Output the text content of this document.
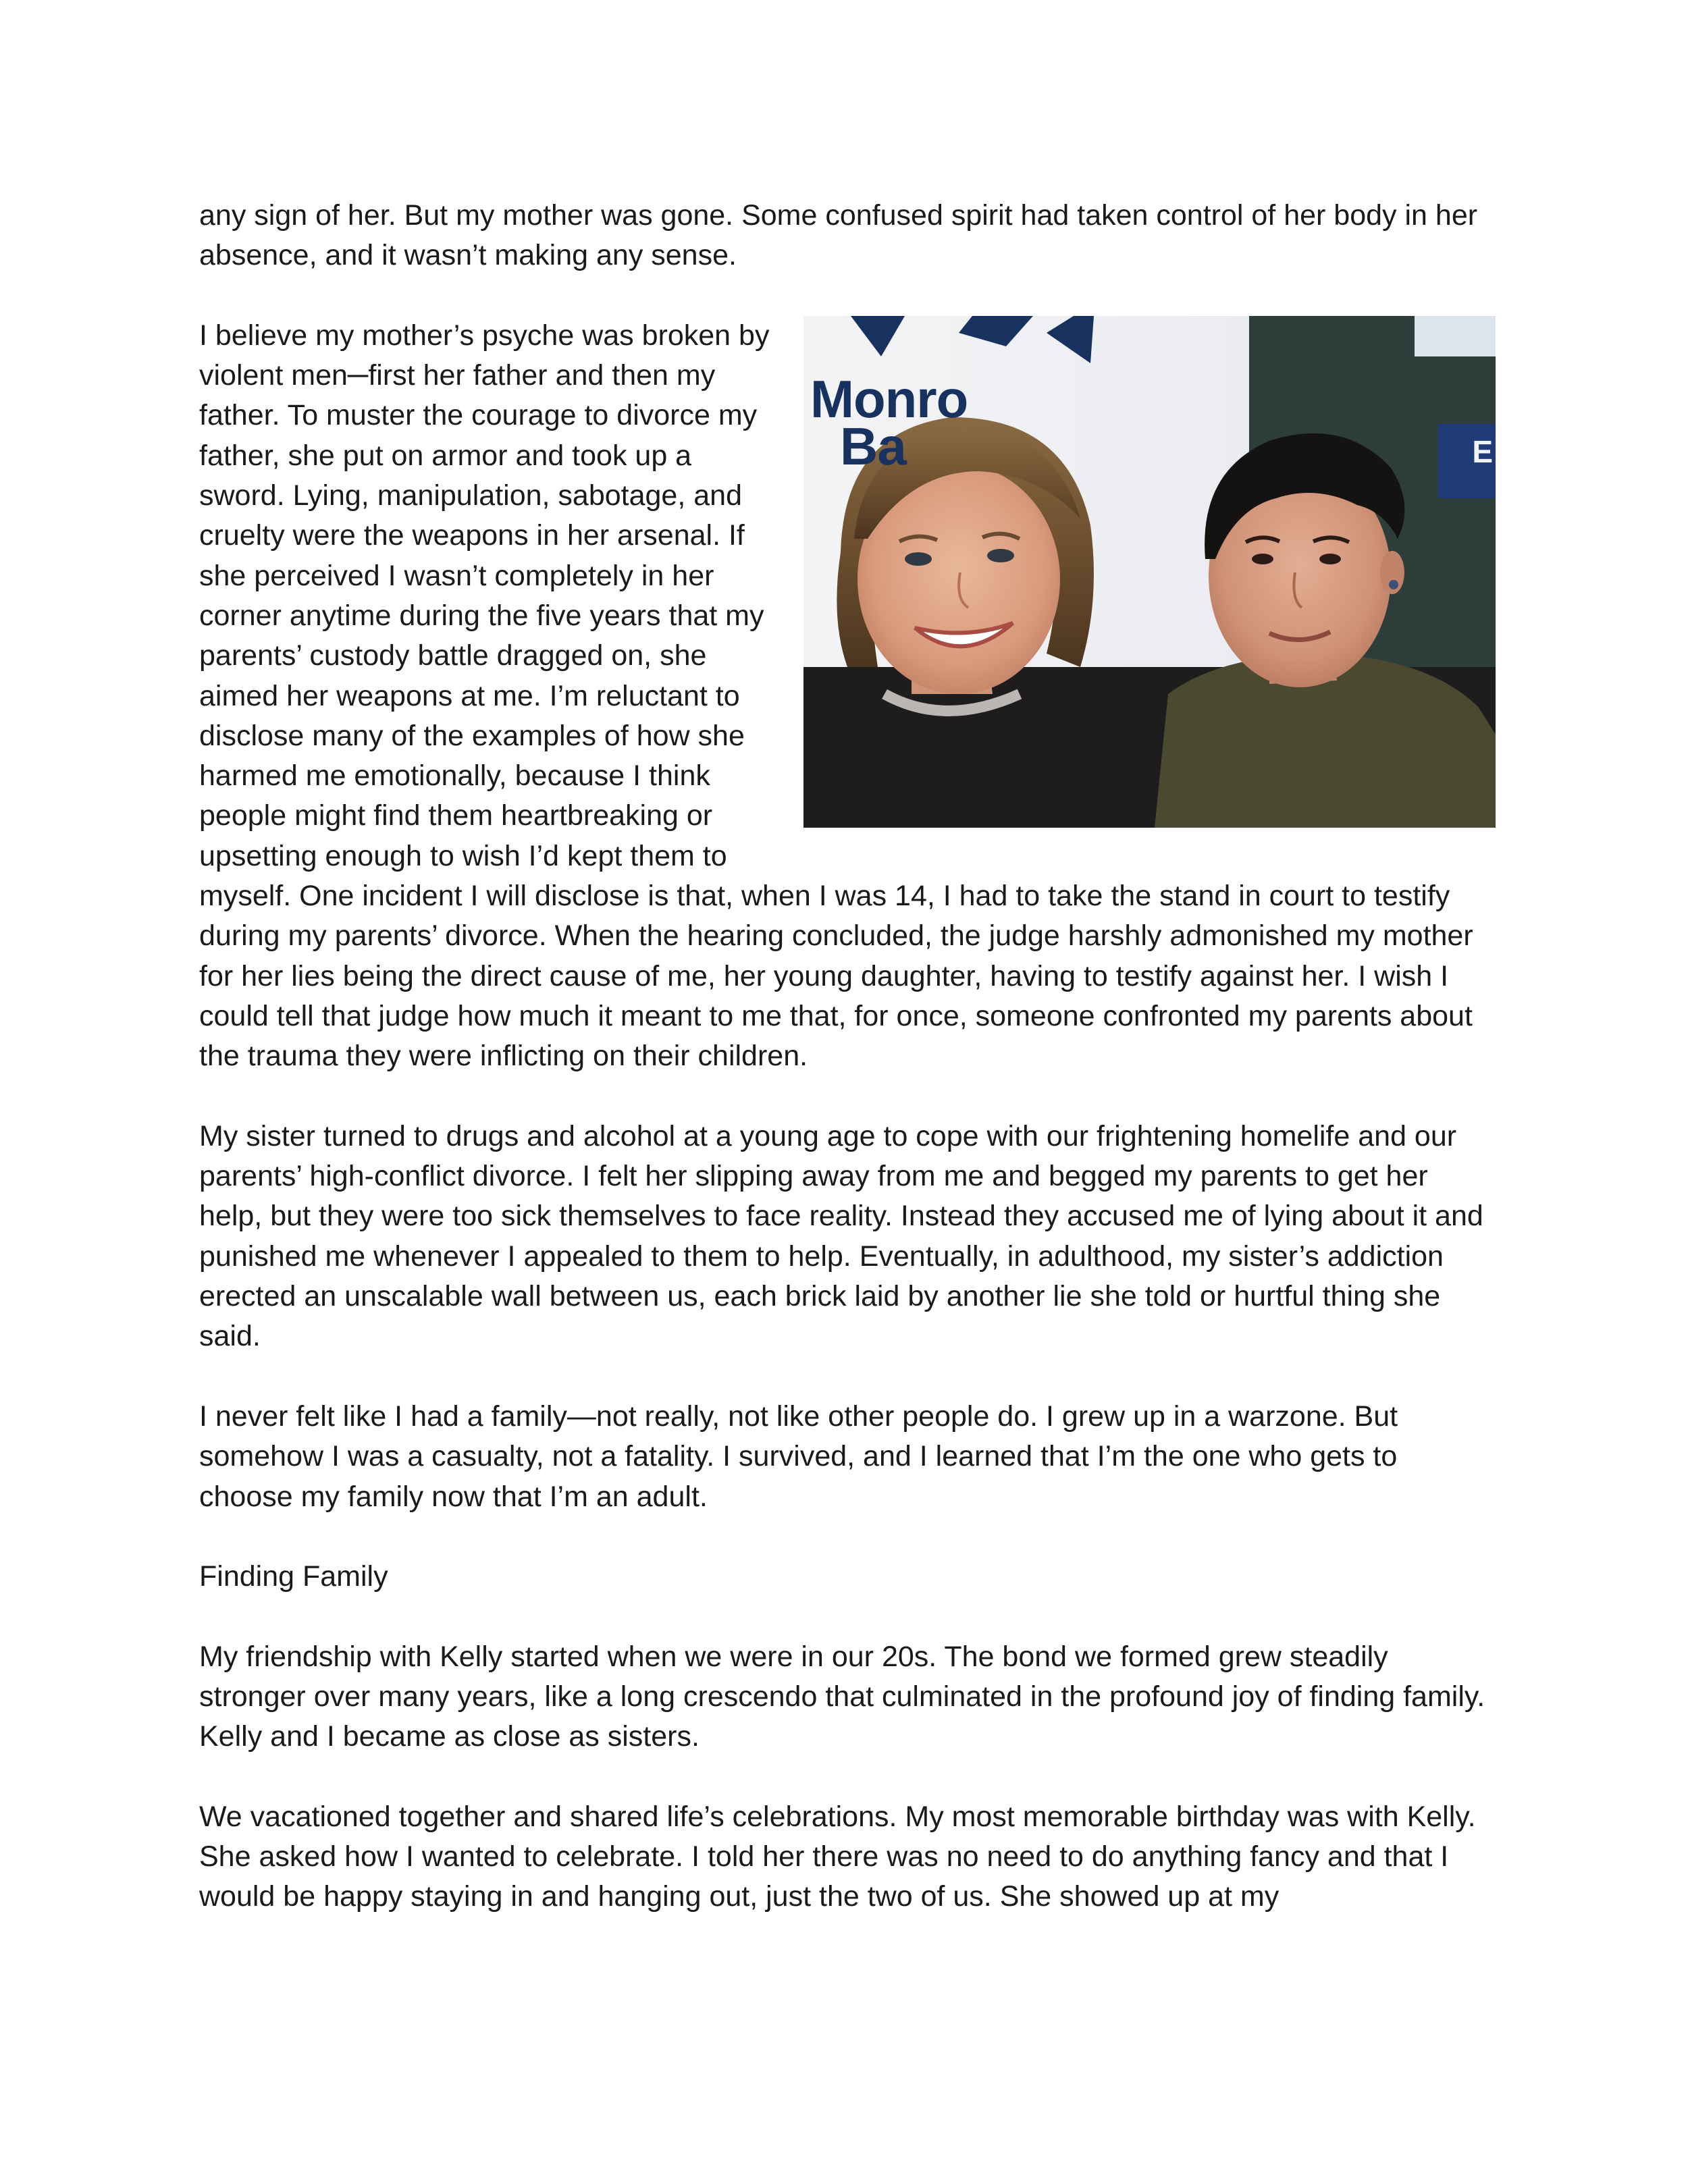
any sign of her. But my mother was gone. Some confused spirit had taken control of her body in her absence, and it wasn’t making any sense.

Monro
Ba	E

I believe my mother’s psyche was broken by violent men─first her father and then my father. To muster the courage to divorce my father, she put on armor and took up a sword. Lying, manipulation, sabotage, and cruelty were the weapons in her arsenal. If she perceived I wasn’t completely in her corner anytime during the five years that my parents’ custody battle dragged on, she aimed her weapons at me. I’m reluctant to disclose many of the examples of how she harmed me emotionally, because I think people might find them heartbreaking or upsetting enough to wish I’d kept them to myself. One incident I will disclose is that, when I was 14, I had to take the stand in court to testify during my parents’ divorce. When the hearing concluded, the judge harshly admonished my mother for her lies being the direct cause of me, her young daughter, having to testify against her. I wish I could tell that judge how much it meant to me that, for once, someone confronted my parents about the trauma they were inflicting on their children.

My sister turned to drugs and alcohol at a young age to cope with our frightening homelife and our parents’ high-conflict divorce. I felt her slipping away from me and begged my parents to get her help, but they were too sick themselves to face reality. Instead they accused me of lying about it and punished me whenever I appealed to them to help. Eventually, in adulthood, my sister’s addiction erected an unscalable wall between us, each brick laid by another lie she told or hurtful thing she said.

I never felt like I had a family—not really, not like other people do. I grew up in a warzone. But somehow I was a casualty, not a fatality. I survived, and I learned that I’m the one who gets to choose my family now that I’m an adult.

Finding Family

My friendship with Kelly started when we were in our 20s. The bond we formed grew steadily stronger over many years, like a long crescendo that culminated in the profound joy of finding family. Kelly and I became as close as sisters.

We vacationed together and shared life’s celebrations. My most memorable birthday was with Kelly. She asked how I wanted to celebrate. I told her there was no need to do anything fancy and that I would be happy staying in and hanging out, just the two of us. She showed up at my
